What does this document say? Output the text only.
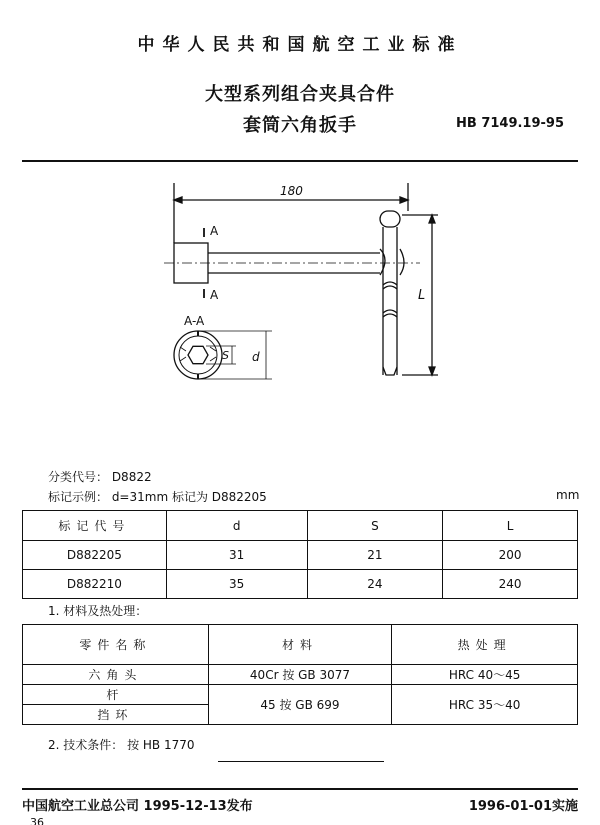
中华人民共和国航空工业标准
大型系列组合夹具合件
套筒六角扳手	HB 7149.19-95
180
A
A	L
A-A
S d
分类代号： D8822
标记示例： d=31mm 标记为 D882205	mm
标记代号	d	S	L
D882205	31	21	200
D882210	35	24	240
1. 材料及热处理：
零件名称	材料	热处理
六角头	40Cr 按 GB 3077	HRC 40～45
杆	45 按 GB 699	HRC 35～40
挡环		
2. 技术条件： 按 HB 1770
中国航空工业总公司 1995-12-13发布	1996-01-01实施
36
